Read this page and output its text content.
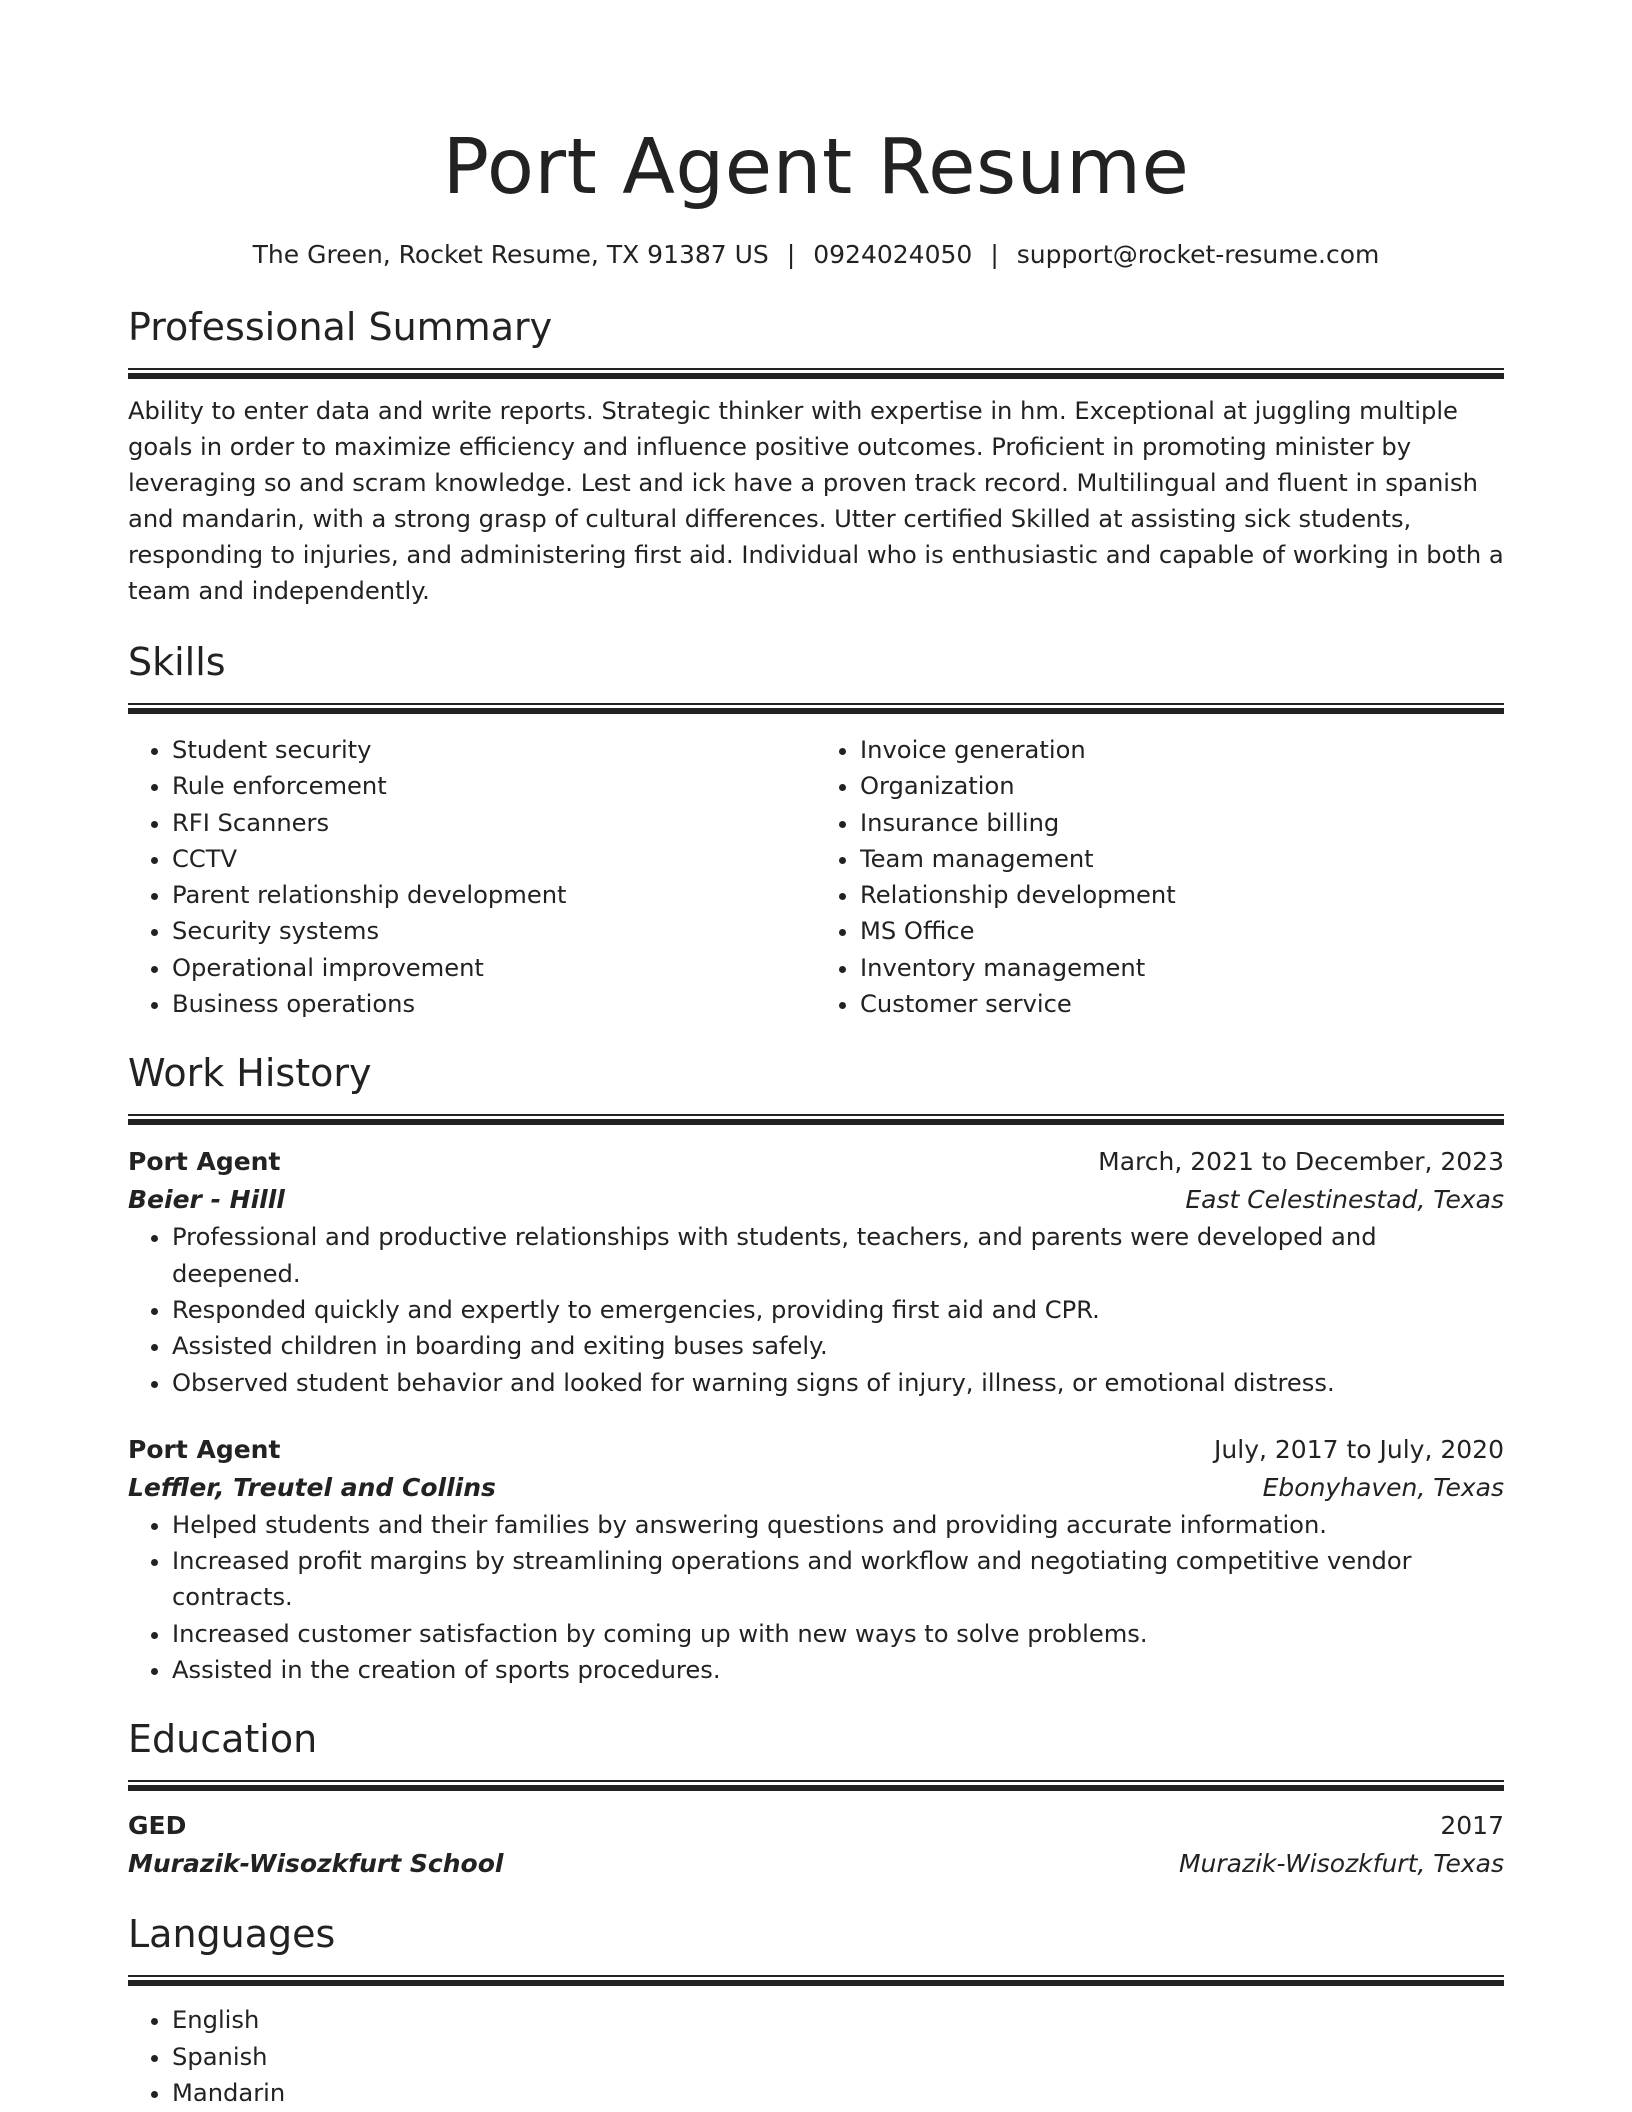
Port Agent Resume
The Green, Rocket Resume, TX 91387 US | 0924024050 | support@rocket-resume.com
Professional Summary
Ability to enter data and write reports. Strategic thinker with expertise in hm. Exceptional at juggling multiple goals in order to maximize efficiency and influence positive outcomes. Proficient in promoting minister by leveraging so and scram knowledge. Lest and ick have a proven track record. Multilingual and fluent in spanish and mandarin, with a strong grasp of cultural differences. Utter certified Skilled at assisting sick students, responding to injuries, and administering first aid. Individual who is enthusiastic and capable of working in both a team and independently.
Skills
• Student security
• Rule enforcement
• RFI Scanners
• CCTV
• Parent relationship development
• Security systems
• Operational improvement
• Business operations
• Invoice generation
• Organization
• Insurance billing
• Team management
• Relationship development
• MS Office
• Inventory management
• Customer service
Work History
Port Agent	March, 2021 to December, 2023
Beier - Hilll	East Celestinestad, Texas
• Professional and productive relationships with students, teachers, and parents were developed and deepened.
• Responded quickly and expertly to emergencies, providing first aid and CPR.
• Assisted children in boarding and exiting buses safely.
• Observed student behavior and looked for warning signs of injury, illness, or emotional distress.
Port Agent	July, 2017 to July, 2020
Leffler, Treutel and Collins	Ebonyhaven, Texas
• Helped students and their families by answering questions and providing accurate information.
• Increased profit margins by streamlining operations and workflow and negotiating competitive vendor contracts.
• Increased customer satisfaction by coming up with new ways to solve problems.
• Assisted in the creation of sports procedures.
Education
GED	2017
Murazik-Wisozkfurt School	Murazik-Wisozkfurt, Texas
Languages
• English
• Spanish
• Mandarin
